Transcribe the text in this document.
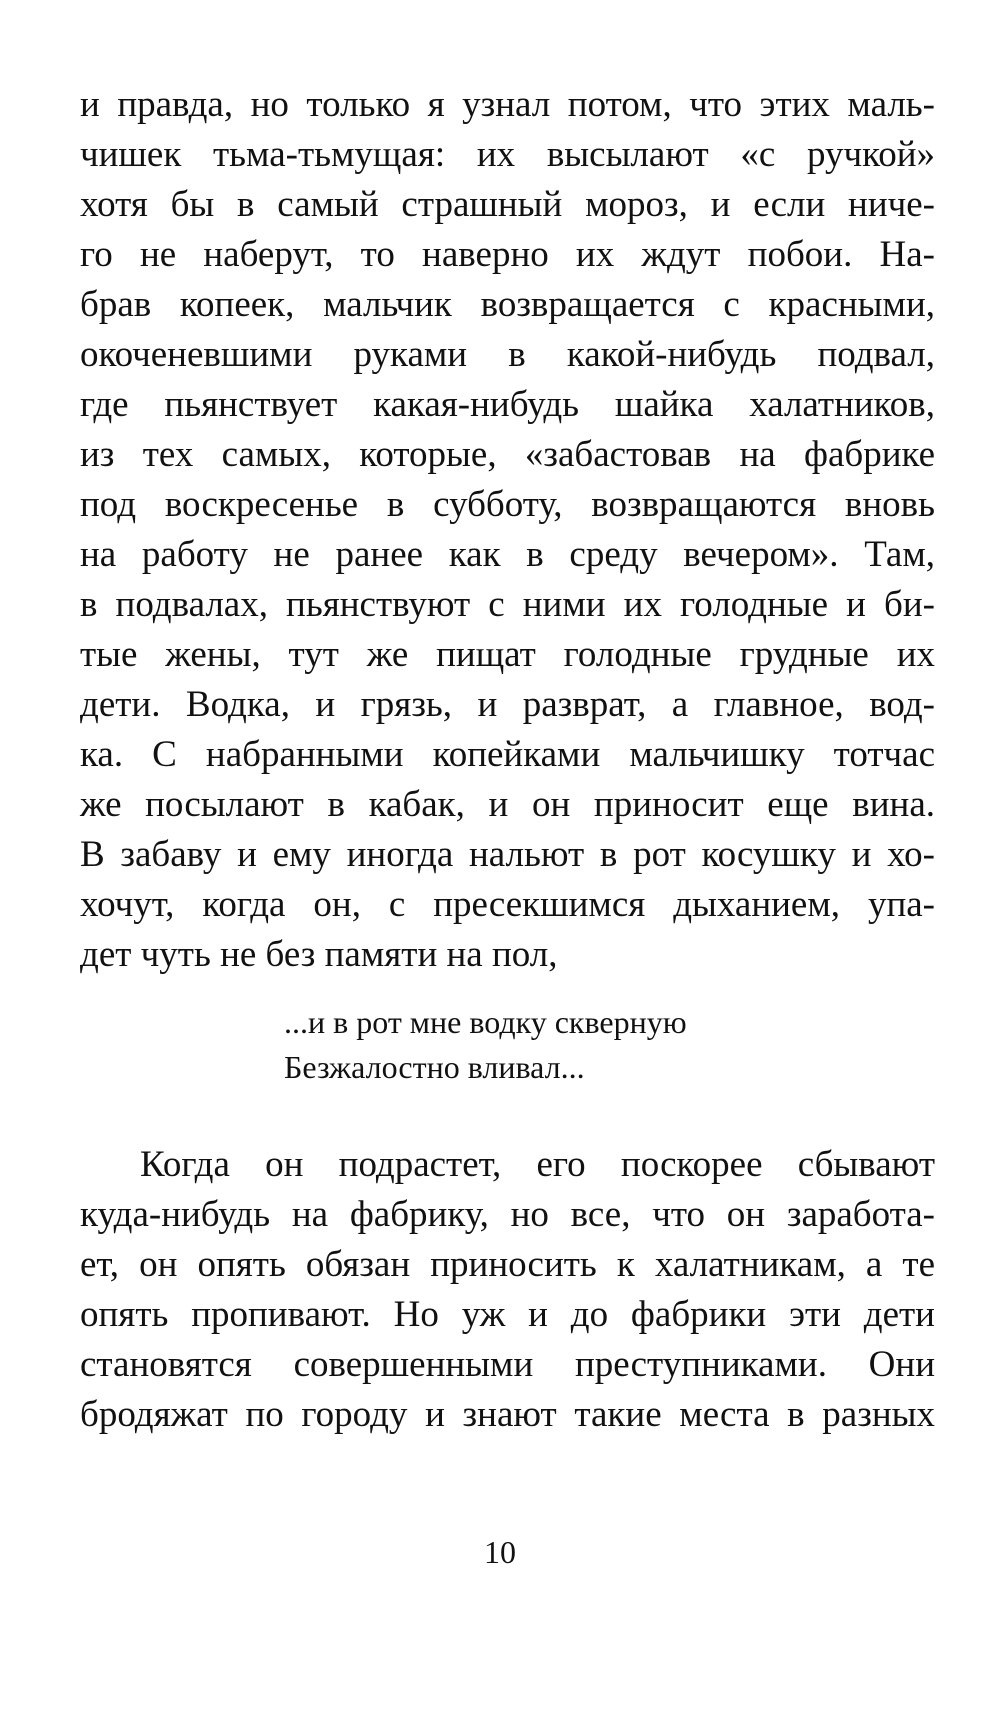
и правда, но только я узнал потом, что этих маль-
чишек тьма-тьмущая: их высылают «с ручкой»
хотя бы в самый страшный мороз, и если ниче-
го не наберут, то наверно их ждут побои. На-
брав копеек, мальчик возвращается с красными,
окоченевшими руками в какой-нибудь подвал,
где пьянствует какая-нибудь шайка халатников,
из тех самых, которые, «забастовав на фабрике
под воскресенье в субботу, возвращаются вновь
на работу не ранее как в среду вечером». Там,
в подвалах, пьянствуют с ними их голодные и би-
тые жены, тут же пищат голодные грудные их
дети. Водка, и грязь, и разврат, а главное, вод-
ка. С набранными копейками мальчишку тотчас
же посылают в кабак, и он приносит еще вина.
В забаву и ему иногда нальют в рот косушку и хо-
хочут, когда он, с пресекшимся дыханием, упа-
дет чуть не без памяти на пол,
...и в рот мне водку скверную
Безжалостно вливал...
Когда он подрастет, его поскорее сбывают
куда-нибудь на фабрику, но все, что он заработа-
ет, он опять обязан приносить к халатникам, а те
опять пропивают. Но уж и до фабрики эти дети
становятся совершенными преступниками. Они
бродяжат по городу и знают такие места в разных
10
